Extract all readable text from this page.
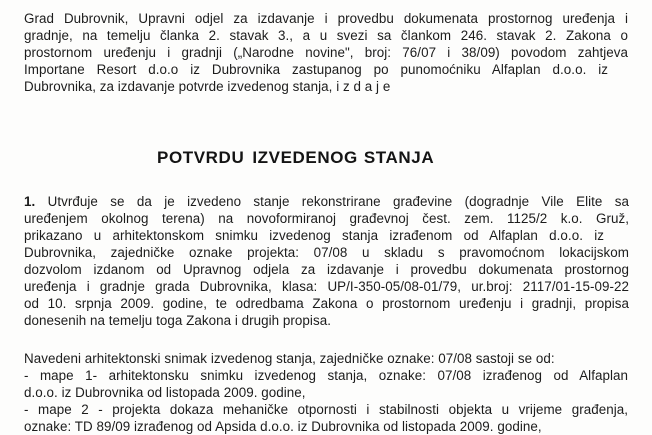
Grad Dubrovnik, Upravni odjel za izdavanje i provedbu dokumenata prostornog uređenja i
gradnje, na temelju članka 2. stavak 3., a u svezi sa člankom 246. stavak 2. Zakona o
prostornom uređenju i gradnji („Narodne novine", broj: 76/07 i 38/09) povodom zahtjeva
Importane Resort d.o.o iz Dubrovnika zastupanog po punomoćniku Alfaplan d.o.o. iz
Dubrovnika, za izdavanje potvrde izvedenog stanja, i z d a j e
POTVRDU IZVEDENOG STANJA
1. Utvrđuje se da je izvedeno stanje rekonstrirane građevine (dogradnje Vile Elite sa
uređenjem okolnog terena) na novoformiranoj građevnoj čest. zem. 1125/2 k.o. Gruž,
prikazano u arhitektonskom snimku izvedenog stanja izrađenom od Alfaplan d.o.o. iz
Dubrovnika, zajedničke oznake projekta: 07/08 u skladu s pravomoćnom lokacijskom
dozvolom izdanom od Upravnog odjela za izdavanje i provedbu dokumenata prostornog
uređenja i gradnje grada Dubrovnika, klasa: UP/I-350-05/08-01/79, ur.broj: 2117/01-15-09-22
od 10. srpnja 2009. godine, te odredbama Zakona o prostornom uređenju i gradnji, propisa
donesenih na temelju toga Zakona i drugih propisa.
Navedeni arhitektonski snimak izvedenog stanja, zajedničke oznake: 07/08 sastoji se od:
- mape 1- arhitektonsku snimku izvedenog stanja, oznake: 07/08 izrađenog od Alfaplan
d.o.o. iz Dubrovnika od listopada 2009. godine,
- mape 2 - projekta dokaza mehaničke otpornosti i stabilnosti objekta u vrijeme građenja,
oznake: TD 89/09 izrađenog od Apsida d.o.o. iz Dubrovnika od listopada 2009. godine,
